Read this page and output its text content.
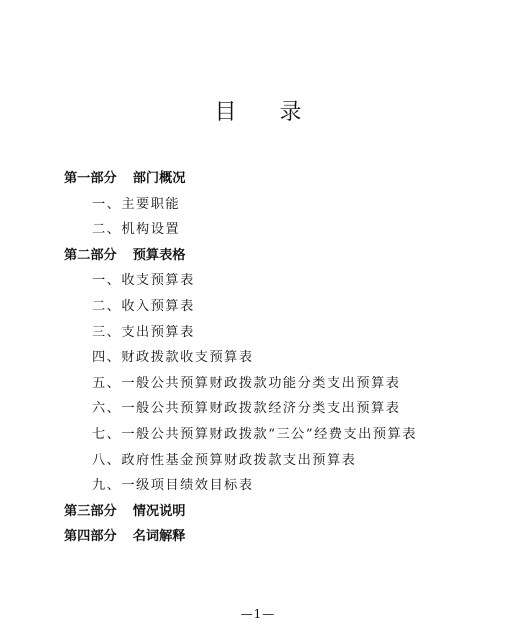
目 录
第一部分 部门概况
一、主要职能
二、机构设置
第二部分 预算表格
一、收支预算表
二、收入预算表
三、支出预算表
四、财政拨款收支预算表
五、一般公共预算财政拨款功能分类支出预算表
六、一般公共预算财政拨款经济分类支出预算表
七、一般公共预算财政拨款“三公”经费支出预算表
八、政府性基金预算财政拨款支出预算表
九、一级项目绩效目标表
第三部分 情况说明
第四部分 名词解释
—1—
